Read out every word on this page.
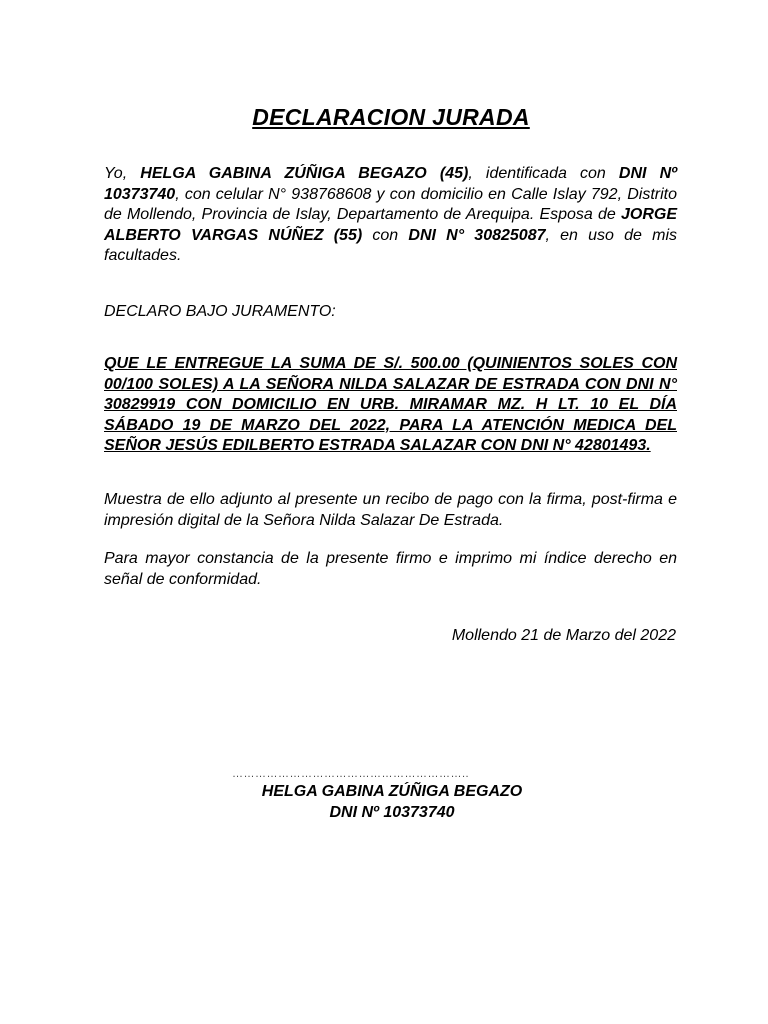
DECLARACION JURADA

Yo, HELGA GABINA ZÚÑIGA BEGAZO (45), identificada con DNI Nº 10373740, con celular N° 938768608 y con domicilio en Calle Islay 792, Distrito de Mollendo, Provincia de Islay, Departamento de Arequipa. Esposa de JORGE ALBERTO VARGAS NÚÑEZ (55) con DNI N° 30825087, en uso de mis facultades.

DECLARO BAJO JURAMENTO:

QUE LE ENTREGUE LA SUMA DE S/. 500.00 (QUINIENTOS SOLES CON 00/100 SOLES) A LA SEÑORA NILDA SALAZAR DE ESTRADA CON DNI N° 30829919 CON DOMICILIO EN URB. MIRAMAR MZ. H LT. 10 EL DÍA SÁBADO 19 DE MARZO DEL 2022, PARA LA ATENCIÓN MEDICA DEL SEÑOR JESÚS EDILBERTO ESTRADA SALAZAR CON DNI N° 42801493.

Muestra de ello adjunto al presente un recibo de pago con la firma, post-firma e impresión digital de la Señora Nilda Salazar De Estrada.

Para mayor constancia de la presente firmo e imprimo mi índice derecho en señal de conformidad.

Mollendo 21 de Marzo del 2022
……………………………………………………..
HELGA GABINA ZÚÑIGA BEGAZO
DNI Nº 10373740
